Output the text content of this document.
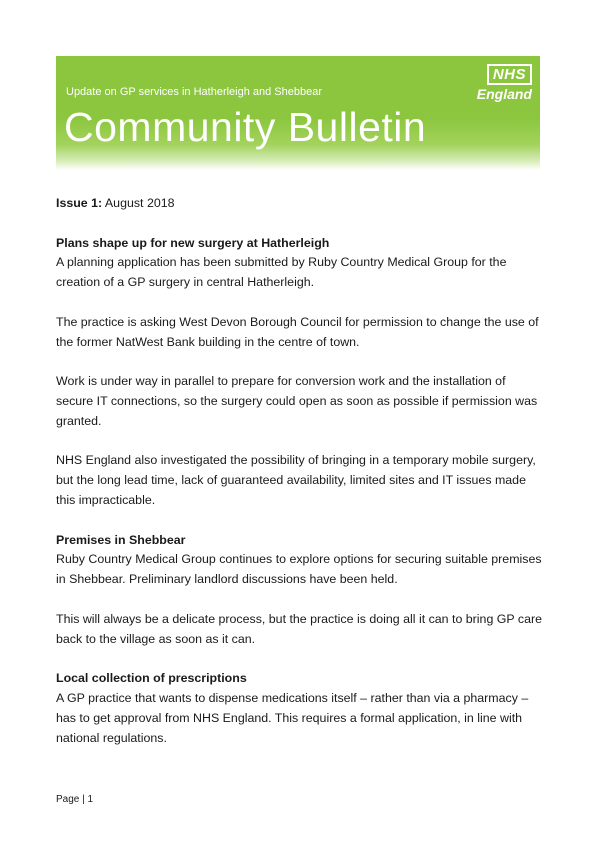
Update on GP services in Hatherleigh and Shebbear
Community Bulletin
NHS
England

Issue 1: August 2018

Plans shape up for new surgery at Hatherleigh

A planning application has been submitted by Ruby Country Medical Group for the creation of a GP surgery in central Hatherleigh.

The practice is asking West Devon Borough Council for permission to change the use of the former NatWest Bank building in the centre of town.

Work is under way in parallel to prepare for conversion work and the installation of secure IT connections, so the surgery could open as soon as possible if permission was granted.

NHS England also investigated the possibility of bringing in a temporary mobile surgery, but the long lead time, lack of guaranteed availability, limited sites and IT issues made this impracticable.

Premises in Shebbear

Ruby Country Medical Group continues to explore options for securing suitable premises in Shebbear. Preliminary landlord discussions have been held.

This will always be a delicate process, but the practice is doing all it can to bring GP care back to the village as soon as it can.

Local collection of prescriptions

A GP practice that wants to dispense medications itself – rather than via a pharmacy – has to get approval from NHS England. This requires a formal application, in line with national regulations.

Page | 1
